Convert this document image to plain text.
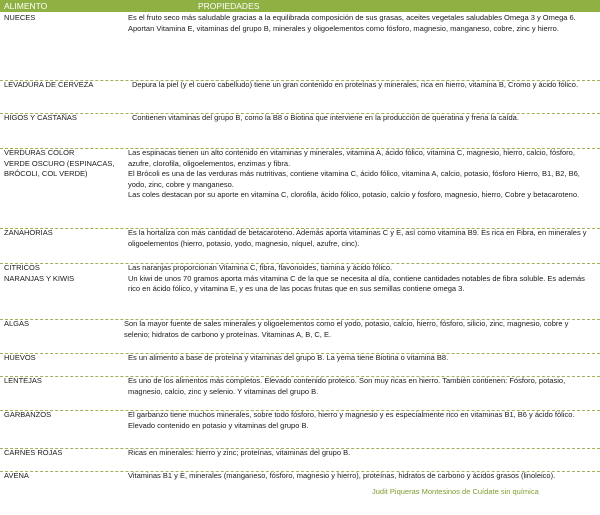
ALIMENTO	PROPIEDADES
NUECES	Es el fruto seco más saludable gracias a la equilibrada composición de sus grasas, aceites vegetales saludables Omega 3 y Omega 6.

Aportan Vitamina E, vitaminas del grupo B, minerales y oligoelementos como fósforo, magnesio, manganeso, cobre, zinc y hierro.

LEVADURA DE CERVEZA	Depura la piel (y el cuero cabelludo) tiene un gran contenido en proteínas y minerales, rica en hierro, vitamina B, Cromo y ácido fólico.

HIGOS Y CASTAÑAS	Contienen vitaminas del grupo B, como la B8 o Biotina que interviene en la producción de queratina y frena la caída.

VERDURAS COLOR
VERDE OSCURO (ESPINACAS,
BRÓCOLI, COL VERDE)

Las espinacas tienen un alto contenido en vitaminas y minerales, vitamina A, ácido fólico, vitamina C, magnesio, hierro, calcio, fósforo, azufre, clorofila, oligoelementos, enzimas y fibra.

El Brócoli es una de las verduras más nutritivas, contiene vitamina C, ácido fólico, vitamina A, calcio, potasio, fósforo Hierro, B1, B2, B6, yodo, zinc, cobre y manganeso.

Las coles destacan por su aporte en vitamina C, clorofila, ácido fólico, potasio, calcio y fosforo, magnesio, hierro, Cobre y betacaroteno.

ZANAHORIAS	Es la hortaliza con más cantidad de betacaroteno. Además aporta vitaminas C y E, así como vitamina B9. Es rica en Fibra, en minerales y oligoelementos (hierro, potasio, yodo, magnesio, níquel, azufre, cinc).

CITRICOS
NARANJAS Y KIWIS

Las naranjas proporcionan Vitamina C, fibra, flavonoides, tiamina y ácido fólico.

Un kiwi de unos 70 gramos aporta más vitamina C de la que se necesita al día, contiene cantidades notables de fibra soluble. Es además rico en ácido fólico, y vitamina E, y es una de las pocas frutas que en sus semillas contiene omega 3.

ALGAS	Son la mayor fuente de sales minerales y oligoelementos como el yodo, potasio, calcio, hierro, fósforo, silicio, zinc, magnesio, cobre y selenio; hidratos de carbono y proteínas. Vitaminas A, B, C, E.

HUEVOS	Es un alimento a base de proteína y vitaminas del grupo B. La yema tiene Biotina o vitamina B8.

LENTEJAS	Es uno de los alimentos más completos. Elevado contenido proteico. Son muy ricas en hierro. También contienen: Fósforo, potasio, magnesio, calcio, zinc y selenio. Y vitaminas del grupo B.

GARBANZOS	El garbanzo tiene muchos minerales, sobre todo fósforo, hierro y magnesio y es especialmente rico en vitaminas B1, B6 y ácido fólico. Elevado contenido en potasio y vitaminas del grupo B.

CARNES ROJAS	Ricas en minerales: hierro y zinc; proteínas, vitaminas del grupo B.

AVENA	Vitaminas B1 y E, minerales (manganeso, fósforo, magnesio y hierro), proteínas, hidratos de carbono y ácidos grasos (linoleico).

Judit Piqueras Montesinos de Cuídate sin química
